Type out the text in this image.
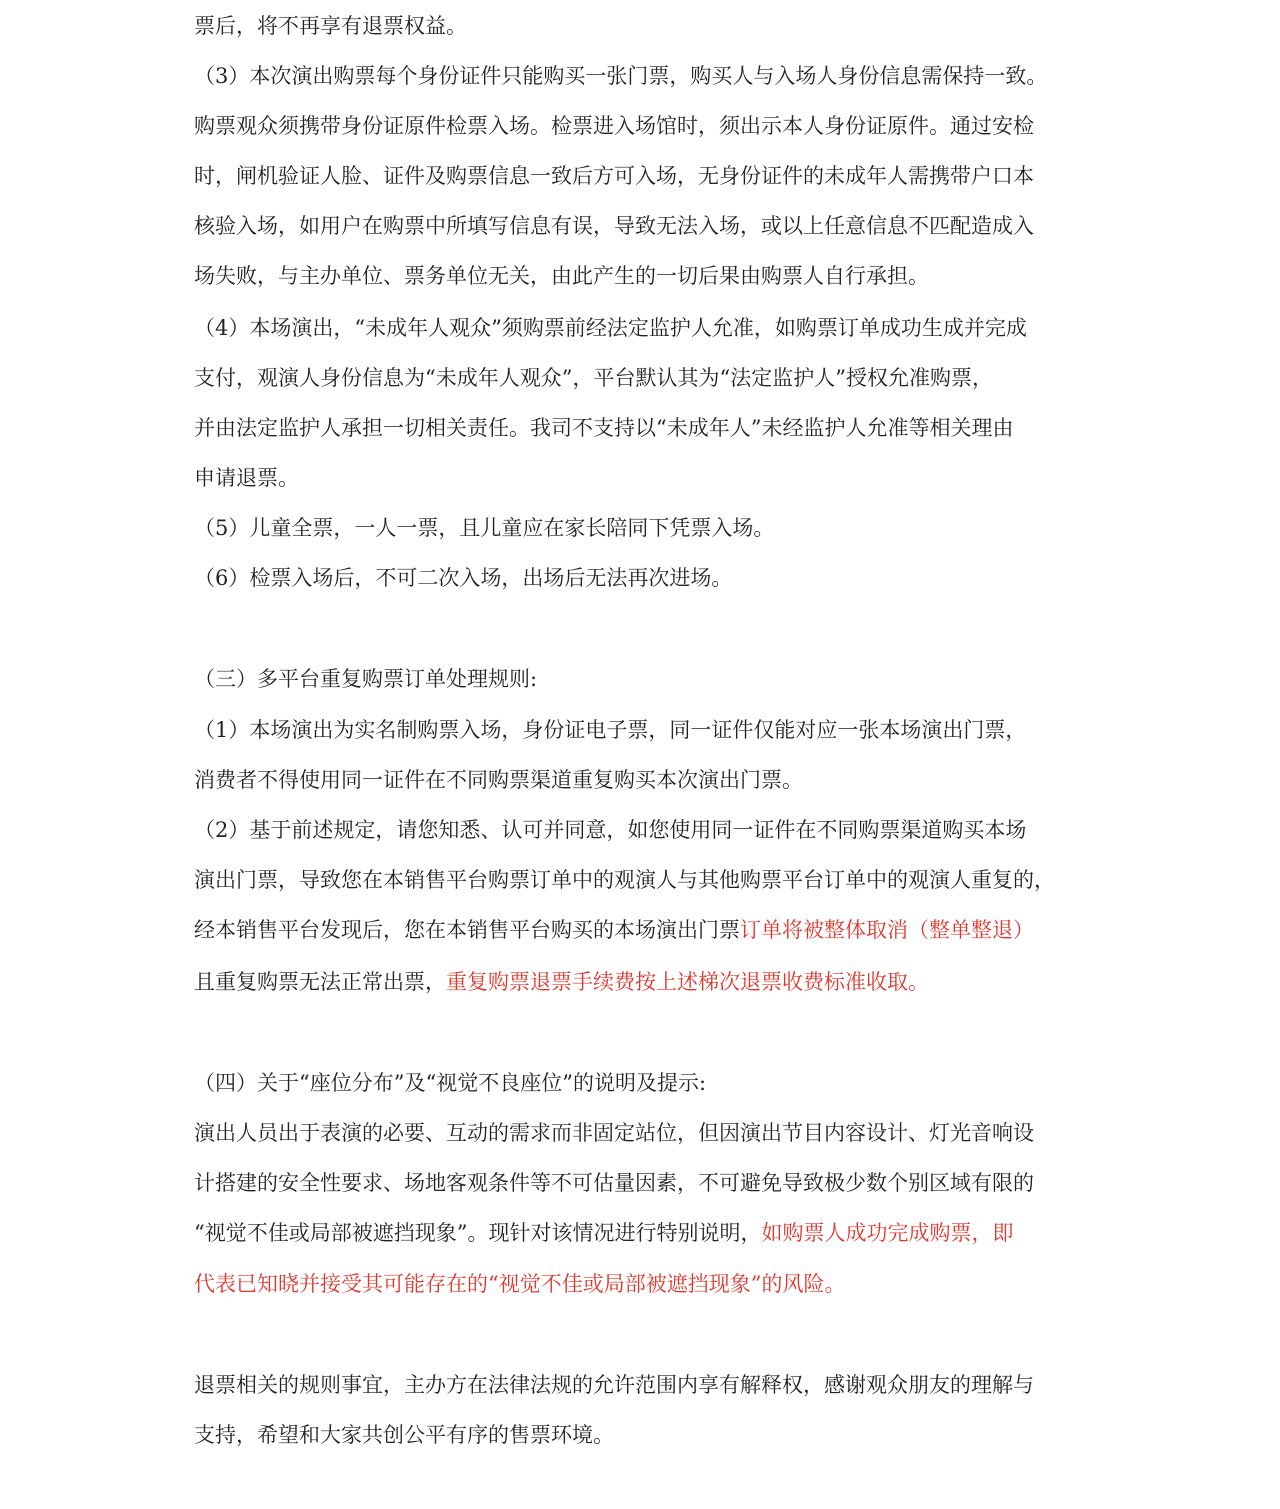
票后，将不再享有退票权益。
（3）本次演出购票每个身份证件只能购买一张门票，购买人与入场人身份信息需保持一致。
购票观众须携带身份证原件检票入场。检票进入场馆时，须出示本人身份证原件。通过安检
时，闸机验证人脸、证件及购票信息一致后方可入场，无身份证件的未成年人需携带户口本
核验入场，如用户在购票中所填写信息有误，导致无法入场，或以上任意信息不匹配造成入
场失败，与主办单位、票务单位无关，由此产生的一切后果由购票人自行承担。
（4）本场演出，“未成年人观众”须购票前经法定监护人允准，如购票订单成功生成并完成
支付，观演人身份信息为“未成年人观众”，平台默认其为“法定监护人”授权允准购票，
并由法定监护人承担一切相关责任。我司不支持以“未成年人”未经监护人允准等相关理由
申请退票。
（5）儿童全票，一人一票，且儿童应在家长陪同下凭票入场。
（6）检票入场后，不可二次入场，出场后无法再次进场。
（三）多平台重复购票订单处理规则:
（1）本场演出为实名制购票入场，身份证电子票，同一证件仅能对应一张本场演出门票，
消费者不得使用同一证件在不同购票渠道重复购买本次演出门票。
（2）基于前述规定，请您知悉、认可并同意，如您使用同一证件在不同购票渠道购买本场
演出门票，导致您在本销售平台购票订单中的观演人与其他购票平台订单中的观演人重复的，
经本销售平台发现后，您在本销售平台购买的本场演出门票订单将被整体取消（整单整退）
且重复购票无法正常出票，重复购票退票手续费按上述梯次退票收费标准收取。
（四）关于“座位分布”及“视觉不良座位”的说明及提示:
演出人员出于表演的必要、互动的需求而非固定站位，但因演出节目内容设计、灯光音响设
计搭建的安全性要求、场地客观条件等不可估量因素，不可避免导致极少数个别区域有限的
“视觉不佳或局部被遮挡现象”。现针对该情况进行特别说明，如购票人成功完成购票，即
代表已知晓并接受其可能存在的“视觉不佳或局部被遮挡现象”的风险。
退票相关的规则事宜，主办方在法律法规的允许范围内享有解释权，感谢观众朋友的理解与
支持，希望和大家共创公平有序的售票环境。
